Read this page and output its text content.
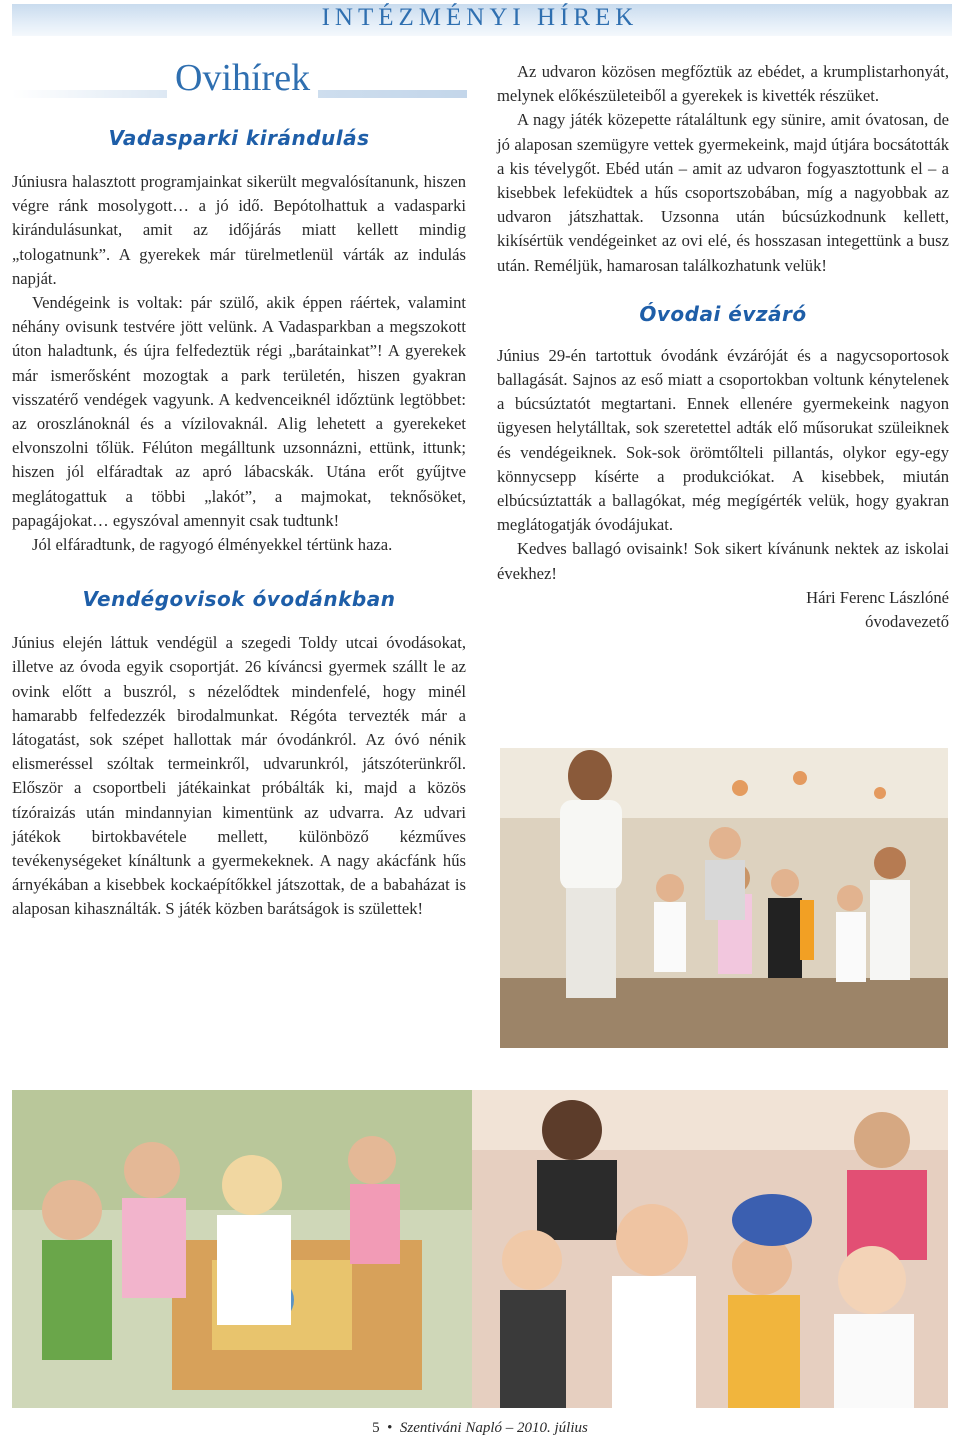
INTÉZMÉNYI HÍREK
Ovihírek
Vadasparki kirándulás

Júniusra halasztott programjainkat sikerült megvalósítanunk, hiszen végre ránk mosolygott… a jó idő. Bepótolhattuk a vadasparki kirándulásunkat, amit az időjárás miatt kellett mindig „tologatnunk”. A gyerekek már türelmetlenül várták az indulás napját.

Vendégeink is voltak: pár szülő, akik éppen ráértek, valamint néhány ovisunk testvére jött velünk. A Vadasparkban a megszokott úton haladtunk, és újra felfedeztük régi „barátainkat”! A gyerekek már ismerősként mozogtak a park területén, hiszen gyakran visszatérő vendégek vagyunk. A kedvenceiknél időztünk legtöbbet: az oroszlánoknál és a vízilovaknál. Alig lehetett a gyerekeket elvonszolni tőlük. Félúton megálltunk uzsonnázni, ettünk, ittunk; hiszen jól elfáradtak az apró lábacskák. Utána erőt gyűjtve meglátogattuk a többi „lakót”, a majmokat, teknősöket, papagájokat… egyszóval amennyit csak tudtunk!

Jól elfáradtunk, de ragyogó élményekkel tértünk haza.

Vendégovisok óvodánkban

Június elején láttuk vendégül a szegedi Toldy utcai óvodásokat, illetve az óvoda egyik csoportját. 26 kíváncsi gyermek szállt le az ovink előtt a buszról, s nézelődtek mindenfelé, hogy minél hamarabb felfedezzék birodalmunkat. Régóta tervezték már a látogatást, sok szépet hallottak már óvodánkról. Az óvó nénik elismeréssel szóltak termeinkről, udvarunkról, játszóterünkről. Először a csoportbeli játékainkat próbálták ki, majd a közös tízóraizás után mindannyian kimentünk az udvarra. Az udvari játékok birtokbavétele mellett, különböző kézműves tevékenységeket kínáltunk a gyermekeknek. A nagy akácfánk hűs árnyékában a kisebbek kockaépítőkkel játszottak, de a babaházat is alaposan kihasználták. S játék közben barátságok is születtek!

Az udvaron közösen megfőztük az ebédet, a krumplistarhonyát, melynek előkészületeiből a gyerekek is kivették részüket.

A nagy játék közepette rátaláltunk egy sünire, amit óvatosan, de jó alaposan szemügyre vettek gyermekeink, majd útjára bocsátották a kis tévelygőt. Ebéd után – amit az udvaron fogyasztottunk el – a kisebbek lefeküdtek a hűs csoportszobában, míg a nagyobbak az udvaron játszhattak. Uzsonna után búcsúzkodnunk kellett, kikísértük vendégeinket az ovi elé, és hosszasan integettünk a busz után. Reméljük, hamarosan találkozhatunk velük!

Óvodai évzáró

Június 29-én tartottuk óvodánk évzáróját és a nagycsoportosok ballagását. Sajnos az eső miatt a csoportokban voltunk kénytelenek a búcsúztatót megtartani. Ennek ellenére gyermekeink nagyon ügyesen helytálltak, sok szeretettel adták elő műsorukat szüleiknek és vendégeiknek. Sok-sok örömtőlteli pillantás, olykor egy-egy könnycsepp kísérte a produkciókat. A kisebbek, miután elbúcsúztatták a ballagókat, még megígérték velük, hogy gyakran meglátogatják óvodájukat.

Kedves ballagó ovisaink! Sok sikert kívánunk nektek az iskolai évekhez!

Hári Ferenc Lászlóné

óvodavezető

5 • Szentiváni Napló – 2010. július
